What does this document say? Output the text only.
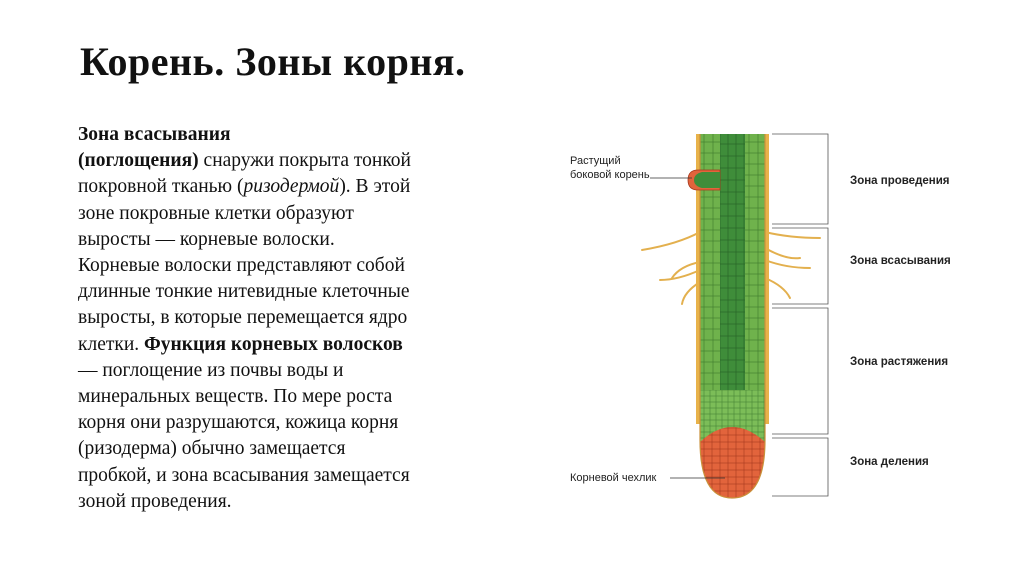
Корень. Зоны корня.
Зона всасывания
(поглощения) снаружи покрыта тонкой
покровной тканью (ризодермой). В этой
зоне покровные клетки образуют
выросты — корневые волоски.
Корневые волоски представляют собой
длинные тонкие нитевидные клеточные
выросты, в которые перемещается ядро
клетки. Функция корневых волосков
— поглощение из почвы воды и
минеральных веществ. По мере роста
корня они разрушаются, кожица корня
(ризодерма) обычно замещается
пробкой, и зона всасывания замещается
зоной проведения.
Растущий
боковой корень
Корневой чехлик
Зона проведения
Зона всасывания
Зона растяжения
Зона деления
